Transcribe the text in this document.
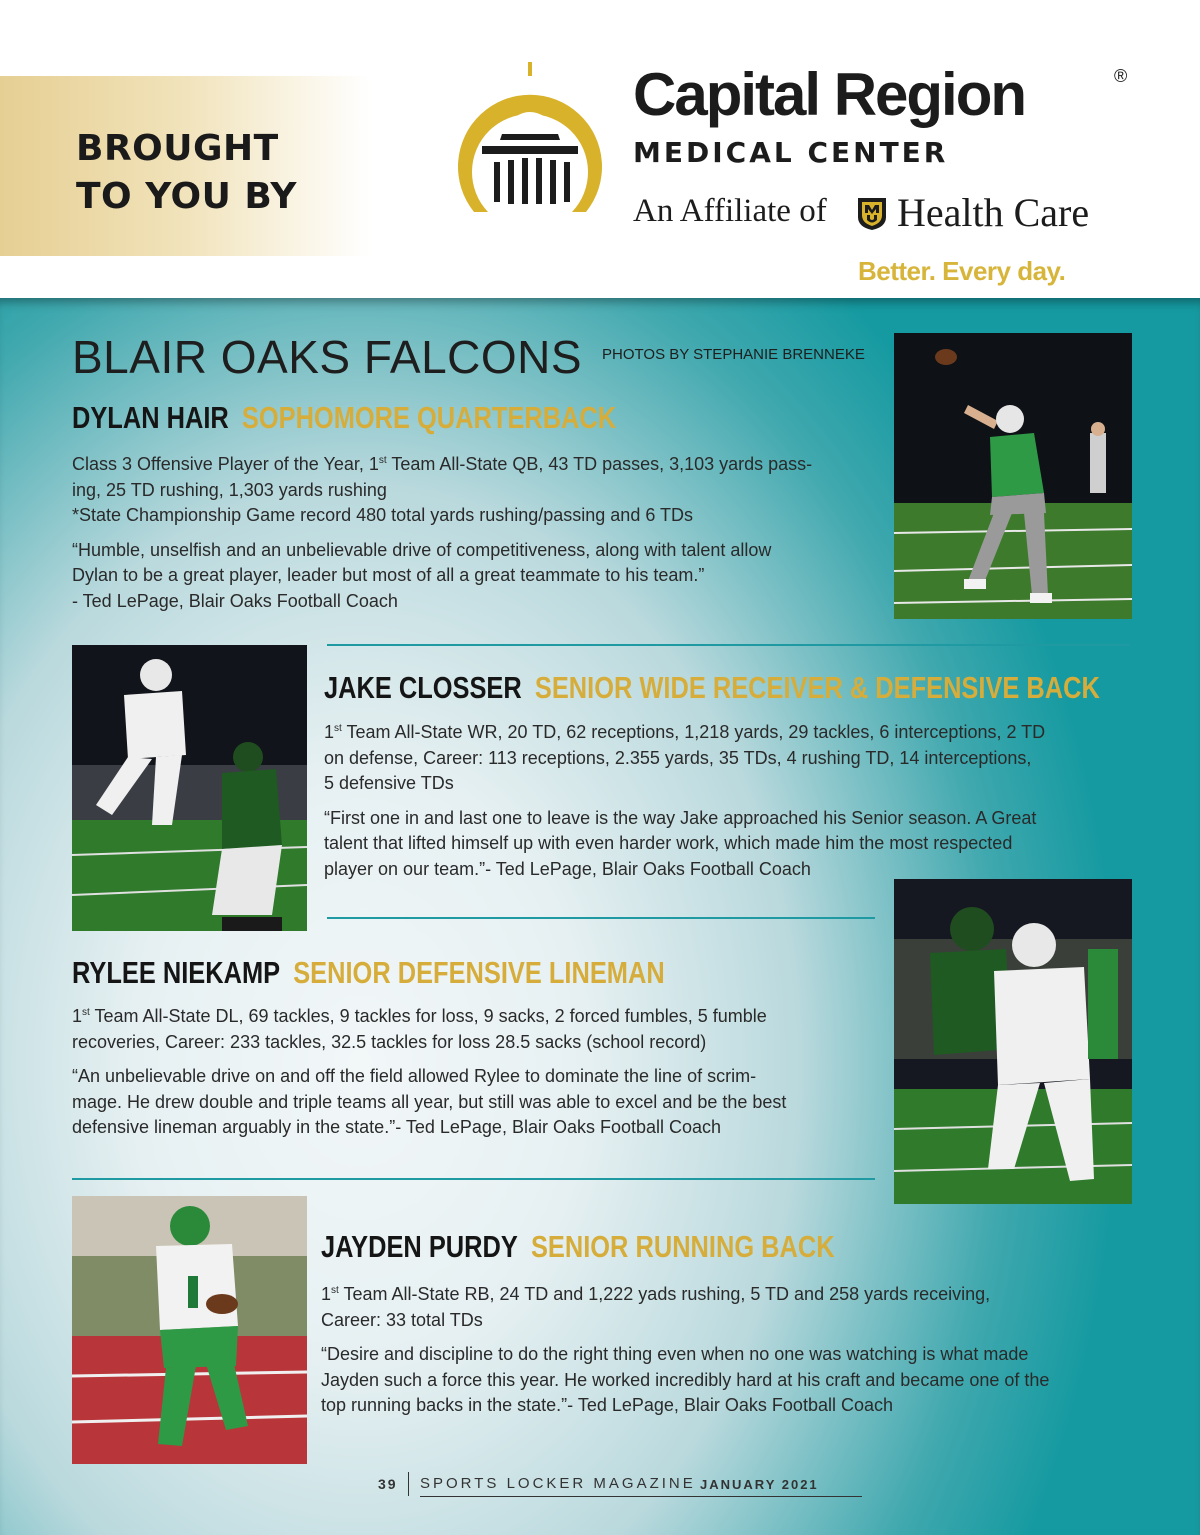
BROUGHT
TO YOU BY
Capital Region	®
MEDICAL CENTER
An Affiliate of Health Care
Better. Every day.
BLAIR OAKS FALCONS PHOTOS BY STEPHANIE BRENNEKE
DYLAN HAIR SOPHOMORE QUARTERBACK

Class 3 Offensive Player of the Year, 1st Team All-State QB, 43 TD passes, 3,103 yards pass-

ing, 25 TD rushing, 1,303 yards rushing

*State Championship Game record 480 total yards rushing/passing and 6 TDs

“Humble, unselfish and an unbelievable drive of competitiveness, along with talent allow

Dylan to be a great player, leader but most of all a great teammate to his team.”

- Ted LePage, Blair Oaks Football Coach

JAKE CLOSSER SENIOR WIDE RECEIVER & DEFENSIVE BACK

1st Team All-State WR, 20 TD, 62 receptions, 1,218 yards, 29 tackles, 6 interceptions, 2 TD

on defense, Career: 113 receptions, 2.355 yards, 35 TDs, 4 rushing TD, 14 interceptions,

5 defensive TDs

“First one in and last one to leave is the way Jake approached his Senior season. A Great

talent that lifted himself up with even harder work, which made him the most respected

player on our team.”- Ted LePage, Blair Oaks Football Coach

RYLEE NIEKAMP SENIOR DEFENSIVE LINEMAN

1st Team All-State DL, 69 tackles, 9 tackles for loss, 9 sacks, 2 forced fumbles, 5 fumble

recoveries, Career: 233 tackles, 32.5 tackles for loss 28.5 sacks (school record)

“An unbelievable drive on and off the field allowed Rylee to dominate the line of scrim-

mage. He drew double and triple teams all year, but still was able to excel and be the best

defensive lineman arguably in the state.”- Ted LePage, Blair Oaks Football Coach

JAYDEN PURDY SENIOR RUNNING BACK

1st Team All-State RB, 24 TD and 1,222 yads rushing, 5 TD and 258 yards receiving,

Career: 33 total TDs

“Desire and discipline to do the right thing even when no one was watching is what made

Jayden such a force this year. He worked incredibly hard at his craft and became one of the

top running backs in the state.”- Ted LePage, Blair Oaks Football Coach

39 SPORTS LOCKER MAGAZINE JANUARY 2021
